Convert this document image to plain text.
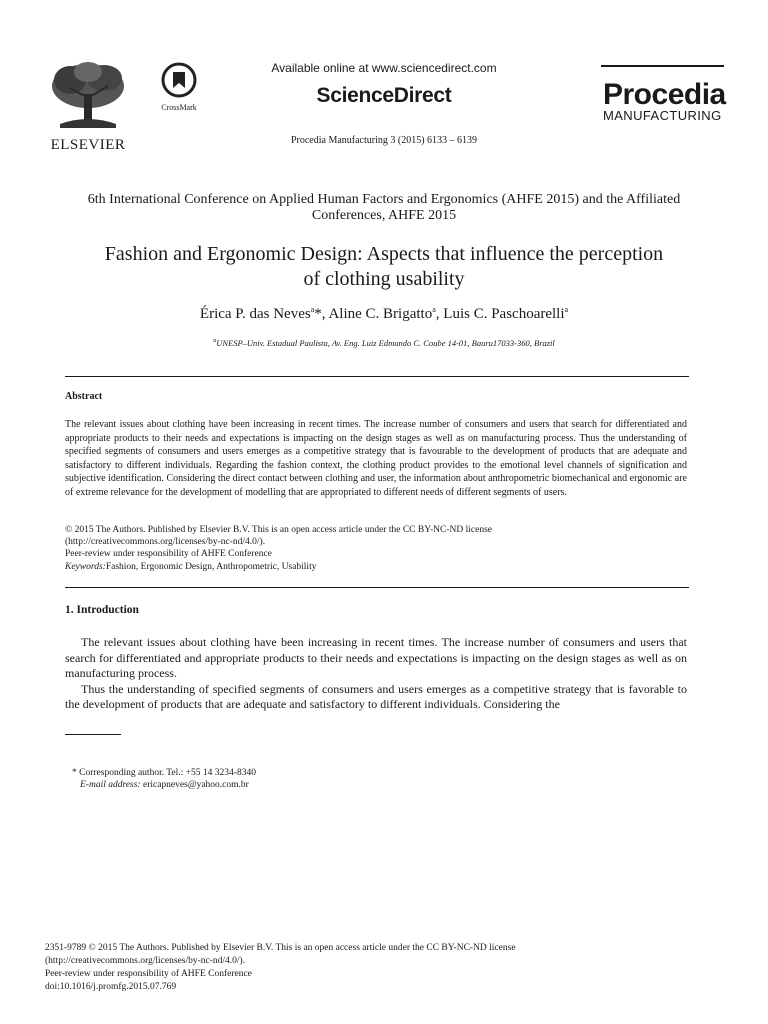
ELSEVIER
CrossMark
Available online at www.sciencedirect.com
ScienceDirect
Procedia Manufacturing 3 (2015) 6133 – 6139
Procedia
MANUFACTURING
6th International Conference on Applied Human Factors and Ergonomics (AHFE 2015) and the Affiliated Conferences, AHFE 2015
Fashion and Ergonomic Design: Aspects that influence the perception of clothing usability
Érica P. das Neves$^a$*, Aline C. Brigatto$^a$, Luis C. Paschoarelli$^a$
$^a$UNESP–Univ. Estadual Paulista, Av. Eng. Luiz Edmundo C. Coube 14-01, Bauru17033-360, Brazil
Abstract
The relevant issues about clothing have been increasing in recent times. The increase number of consumers and users that search for differentiated and appropriate products to their needs and expectations is impacting on the design stages as well as on manufacturing process. Thus the understanding of specified segments of consumers and users emerges as a competitive strategy that is favourable to the development of products that are adequate and satisfactory to different individuals. Regarding the fashion context, the clothing product provides to the emotional level channels of signification and subjective identification. Considering the direct contact between clothing and user, the information about anthropometric biomechanical and ergonomic are of extreme relevance for the development of modelling that are appropriated to different needs of different segments of users.
© 2015 The Authors. Published by Elsevier B.V. This is an open access article under the CC BY-NC-ND license
(http://creativecommons.org/licenses/by-nc-nd/4.0/).
Peer-review under responsibility of AHFE Conference
Keywords:Fashion, Ergonomic Design, Anthropometric, Usability
1. Introduction

The relevant issues about clothing have been increasing in recent times. The increase number of consumers and users that search for differentiated and appropriate products to their needs and expectations is impacting on the design stages as well as on manufacturing process.

Thus the understanding of specified segments of consumers and users emerges as a competitive strategy that is favorable to the development of products that are adequate and satisfactory to different individuals. Considering the

* Corresponding author. Tel.: +55 14 3234-8340
E-mail address: ericapneves@yahoo.com.br
2351-9789 © 2015 The Authors. Published by Elsevier B.V. This is an open access article under the CC BY-NC-ND license
(http://creativecommons.org/licenses/by-nc-nd/4.0/).
Peer-review under responsibility of AHFE Conference
doi:10.1016/j.promfg.2015.07.769
